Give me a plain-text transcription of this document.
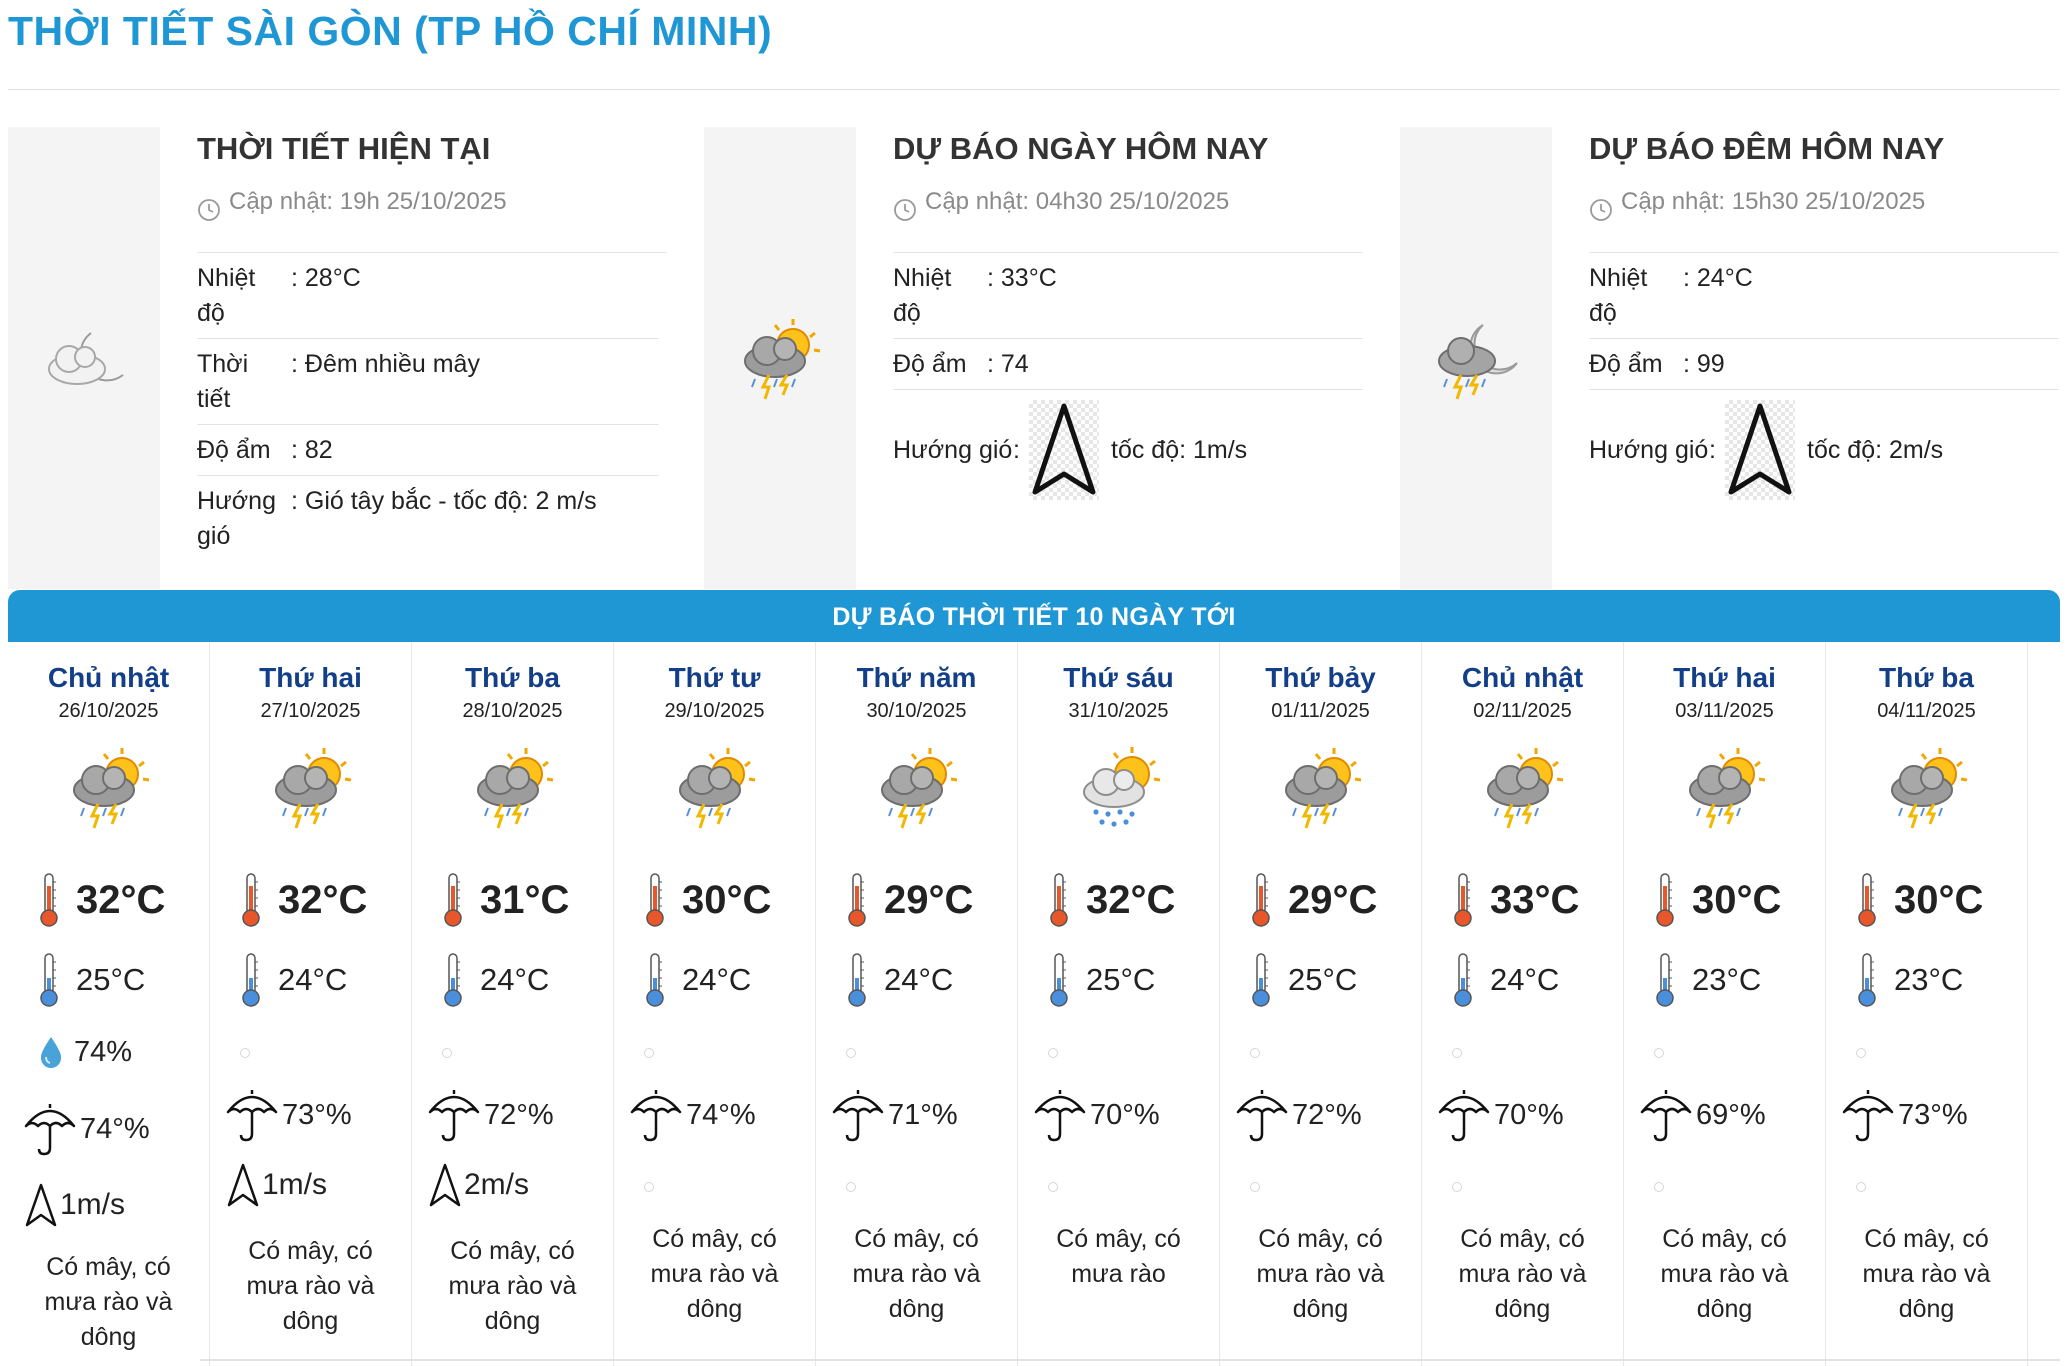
THỜI TIẾT SÀI GÒN (TP HỒ CHÍ MINH)
THỜI TIẾT HIỆN TẠI
Cập nhật: 19h 25/10/2025
Nhiệt độ
: 28°C
Thời tiết
: Đêm nhiều mây
Độ ẩm : 82
Hướng gió
: Gió tây bắc - tốc độ: 2 m/s
DỰ BÁO NGÀY HÔM NAY
Cập nhật: 04h30 25/10/2025
Nhiệt độ
: 33°C
Độ ẩm : 74
Hướng gió :	tốc độ: 1m/s
DỰ BÁO ĐÊM HÔM NAY
Cập nhật: 15h30 25/10/2025
Nhiệt độ
: 24°C
Độ ẩm : 99
Hướng gió :	tốc độ: 2m/s
DỰ BÁO THỜI TIẾT 10 NGÀY TỚI
Chủ nhật
26/10/2025
32°C
25°C
74%
74°%
1m/s
Có mây, có
mưa rào và
dông
Thứ hai
27/10/2025
32°C
24°C
73°%
1m/s
Có mây, có
mưa rào và
dông
Thứ ba
28/10/2025
31°C
24°C
72°%
2m/s
Có mây, có
mưa rào và
dông
Thứ tư
29/10/2025
30°C
24°C
74°%
Có mây, có
mưa rào và
dông
Thứ năm
30/10/2025
29°C
24°C
71°%
Có mây, có
mưa rào và
dông
Thứ sáu
31/10/2025
32°C
25°C
70°%
Có mây, có
mưa rào
Thứ bảy
01/11/2025
29°C
25°C
72°%
Có mây, có
mưa rào và
dông
Chủ nhật
02/11/2025
33°C
24°C
70°%
Có mây, có
mưa rào và
dông
Thứ hai
03/11/2025
30°C
23°C
69°%
Có mây, có
mưa rào và
dông
Thứ ba
04/11/2025
30°C
23°C
73°%
Có mây, có
mưa rào và
dông
